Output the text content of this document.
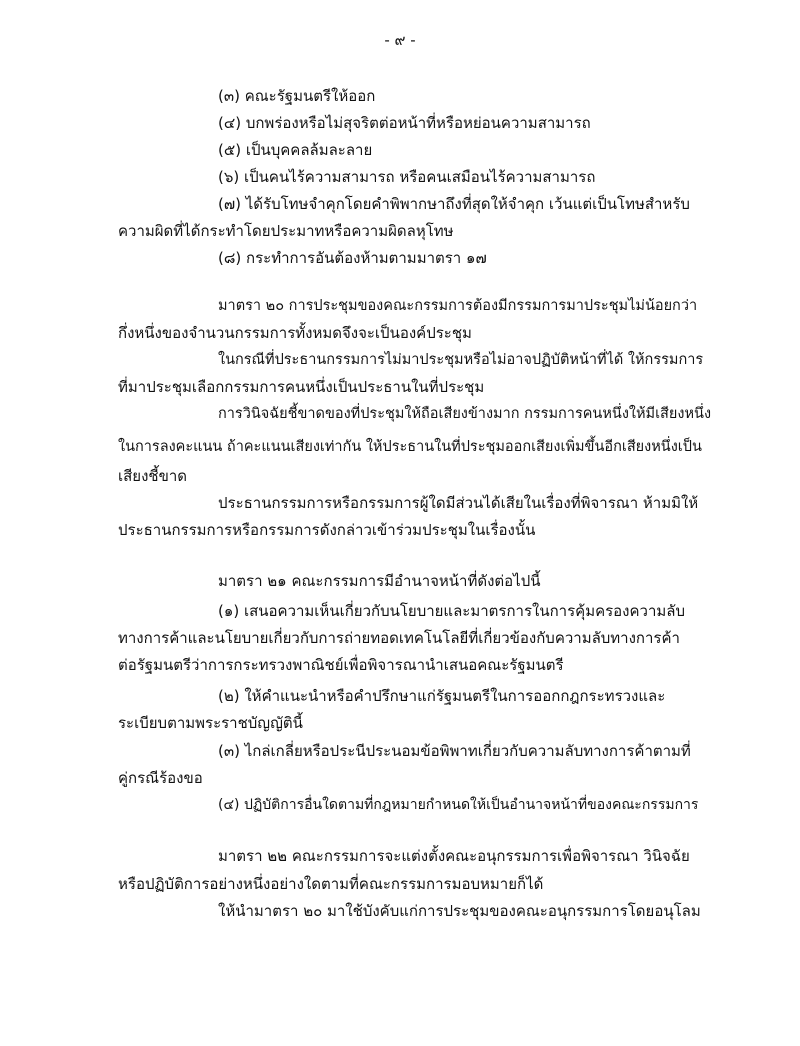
- ๙ -
(๓) คณะรัฐมนตรีให้ออก
(๔) บกพร่องหรือไม่สุจริตต่อหน้าที่หรือหย่อนความสามารถ
(๕) เป็นบุคคลล้มละลาย
(๖) เป็นคนไร้ความสามารถ หรือคนเสมือนไร้ความสามารถ
(๗) ได้รับโทษจำคุกโดยคำพิพากษาถึงที่สุดให้จำคุก เว้นแต่เป็นโทษสำหรับ
ความผิดที่ได้กระทำโดยประมาทหรือความผิดลหุโทษ
(๘) กระทำการอันต้องห้ามตามมาตรา ๑๗
มาตรา ๒๐ การประชุมของคณะกรรมการต้องมีกรรมการมาประชุมไม่น้อยกว่า
กึ่งหนึ่งของจำนวนกรรมการทั้งหมดจึงจะเป็นองค์ประชุม
ในกรณีที่ประธานกรรมการไม่มาประชุมหรือไม่อาจปฏิบัติหน้าที่ได้ ให้กรรมการ
ที่มาประชุมเลือกกรรมการคนหนึ่งเป็นประธานในที่ประชุม
การวินิจฉัยชี้ขาดของที่ประชุมให้ถือเสียงข้างมาก กรรมการคนหนึ่งให้มีเสียงหนึ่ง
ในการลงคะแนน ถ้าคะแนนเสียงเท่ากัน ให้ประธานในที่ประชุมออกเสียงเพิ่มขึ้นอีกเสียงหนึ่งเป็น
เสียงชี้ขาด
ประธานกรรมการหรือกรรมการผู้ใดมีส่วนได้เสียในเรื่องที่พิจารณา ห้ามมิให้
ประธานกรรมการหรือกรรมการดังกล่าวเข้าร่วมประชุมในเรื่องนั้น
มาตรา ๒๑ คณะกรรมการมีอำนาจหน้าที่ดังต่อไปนี้
(๑) เสนอความเห็นเกี่ยวกับนโยบายและมาตรการในการคุ้มครองความลับ
ทางการค้าและนโยบายเกี่ยวกับการถ่ายทอดเทคโนโลยีที่เกี่ยวข้องกับความลับทางการค้า
ต่อรัฐมนตรีว่าการกระทรวงพาณิชย์เพื่อพิจารณานำเสนอคณะรัฐมนตรี
(๒) ให้คำแนะนำหรือคำปรึกษาแก่รัฐมนตรีในการออกกฎกระทรวงและ
ระเบียบตามพระราชบัญญัตินี้
(๓) ไกล่เกลี่ยหรือประนีประนอมข้อพิพาทเกี่ยวกับความลับทางการค้าตามที่
คู่กรณีร้องขอ
(๔) ปฏิบัติการอื่นใดตามที่กฎหมายกำหนดให้เป็นอำนาจหน้าที่ของคณะกรรมการ
มาตรา ๒๒ คณะกรรมการจะแต่งตั้งคณะอนุกรรมการเพื่อพิจารณา วินิจฉัย
หรือปฏิบัติการอย่างหนึ่งอย่างใดตามที่คณะกรรมการมอบหมายก็ได้
ให้นำมาตรา ๒๐ มาใช้บังคับแก่การประชุมของคณะอนุกรรมการโดยอนุโลม
